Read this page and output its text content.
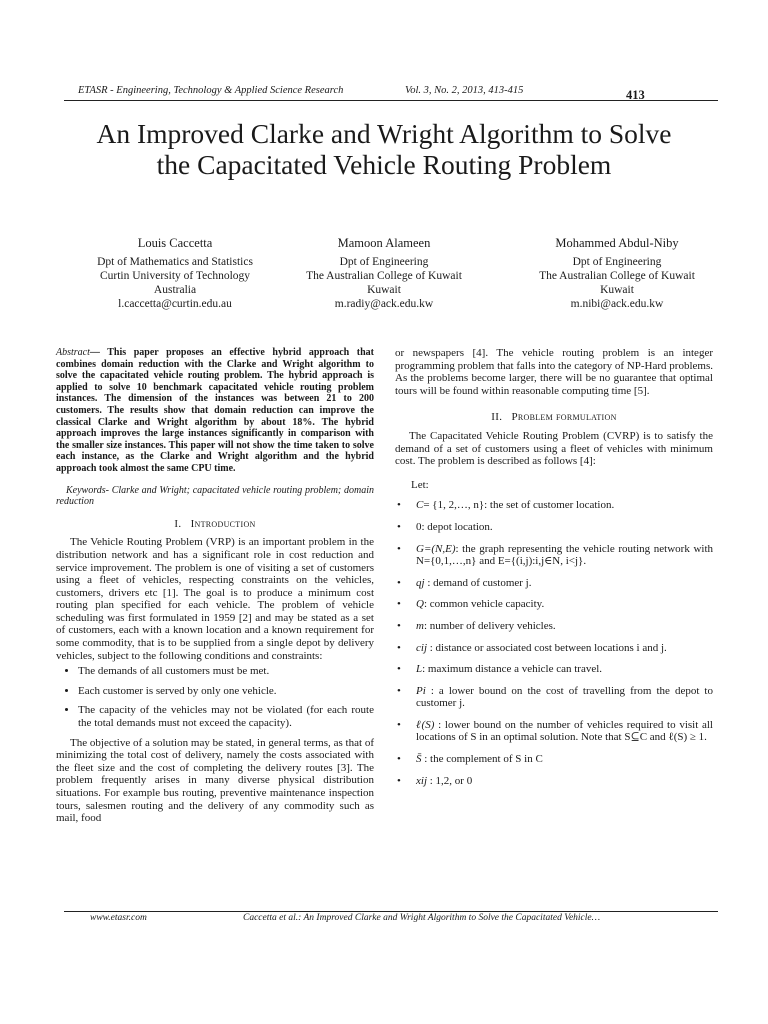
ETASR - Engineering, Technology & Applied Science Research	Vol. 3, No. 2, 2013, 413-415	413
An Improved Clarke and Wright Algorithm to Solve
the Capacitated Vehicle Routing Problem
Louis Caccetta
Dpt of Mathematics and Statistics
Curtin University of Technology
Australia
l.caccetta@curtin.edu.au
Mamoon Alameen
Dpt of Engineering
The Australian College of Kuwait
Kuwait
m.radiy@ack.edu.kw
Mohammed Abdul-Niby
Dpt of Engineering
The Australian College of Kuwait
Kuwait
m.nibi@ack.edu.kw

Abstract— This paper proposes an effective hybrid approach that combines domain reduction with the Clarke and Wright algorithm to solve the capacitated vehicle routing problem. The hybrid approach is applied to solve 10 benchmark capacitated vehicle routing problem instances. The dimension of the instances was between 21 to 200 customers. The results show that domain reduction can improve the classical Clarke and Wright algorithm by about 18%. The hybrid approach improves the large instances significantly in comparison with the smaller size instances. This paper will not show the time taken to solve each instance, as the Clarke and Wright algorithm and the hybrid approach took almost the same CPU time.

Keywords- Clarke and Wright; capacitated vehicle routing problem; domain reduction

I. Introduction

The Vehicle Routing Problem (VRP) is an important problem in the distribution network and has a significant role in cost reduction and service improvement. The problem is one of visiting a set of customers using a fleet of vehicles, respecting constraints on the vehicles, customers, drivers etc [1]. The goal is to produce a minimum cost routing plan specified for each vehicle. The problem of vehicle scheduling was first formulated in 1959 [2] and may be stated as a set of customers, each with a known location and a known requirement for some commodity, that is to be supplied from a single depot by delivery vehicles, subject to the following conditions and constraints:

• The demands of all customers must be met.
• Each customer is served by only one vehicle.
• The capacity of the vehicles may not be violated (for each route the total demands must not exceed the capacity).

The objective of a solution may be stated, in general terms, as that of minimizing the total cost of delivery, namely the costs associated with the fleet size and the cost of completing the delivery routes [3]. The problem frequently arises in many diverse physical distribution situations. For example bus routing, preventive maintenance inspection tours, salesmen routing and the delivery of any commodity such as mail, food

or newspapers [4]. The vehicle routing problem is an integer programming problem that falls into the category of NP-Hard problems. As the problems become larger, there will be no guarantee that optimal tours will be found within reasonable computing time [5].

II. Problem formulation

The Capacitated Vehicle Routing Problem (CVRP) is to satisfy the demand of a set of customers using a fleet of vehicles with minimum cost. The problem is described as follows [4]:

Let:

• C= {1, 2,…, n}: the set of customer location.
• 0: depot location.
• G=(N,E): the graph representing the vehicle routing network with N={0,1,…,n} and E={(i,j):i,j∈N, i<j}.
• qj : demand of customer j.
• Q: common vehicle capacity.
• m: number of delivery vehicles.
• cij : distance or associated cost between locations i and j.
• L: maximum distance a vehicle can travel.
• Pi : a lower bound on the cost of travelling from the depot to customer j.
• ℓ(S) : lower bound on the number of vehicles required to visit all locations of S in an optimal solution. Note that S⊆C and ℓ(S) ≥ 1.
• S̄ : the complement of S in C
• xij : 1,2, or 0
www.etasr.com	Caccetta et al.: An Improved Clarke and Wright Algorithm to Solve the Capacitated Vehicle…
